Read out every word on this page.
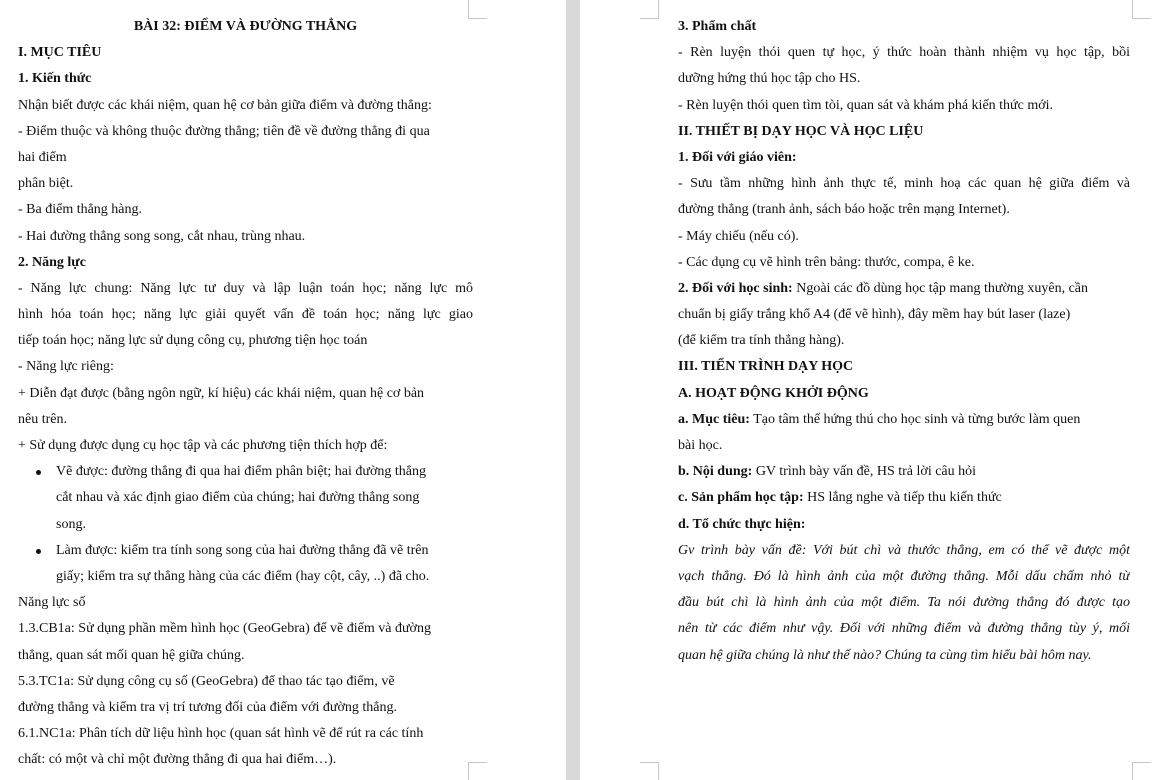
BÀI 32: ĐIỂM VÀ ĐƯỜNG THẲNG
I. MỤC TIÊU
1. Kiến thức
Nhận biết được các khái niệm, quan hệ cơ bản giữa điểm và đường thẳng:
- Điểm thuộc và không thuộc đường thẳng; tiên đề về đường thẳng đi qua
hai điểm
phân biệt.
- Ba điểm thẳng hàng.
- Hai đường thẳng song song, cắt nhau, trùng nhau.
2. Năng lực
- Năng lực chung: Năng lực tư duy và lập luận toán học; năng lực mô
hình hóa toán học; năng lực giải quyết vấn đề toán học; năng lực giao
tiếp toán học; năng lực sử dụng công cụ, phương tiện học toán
- Năng lực riêng:
+ Diễn đạt được (bằng ngôn ngữ, kí hiệu) các khái niệm, quan hệ cơ bản
nêu trên.
+ Sử dụng được dụng cụ học tập và các phương tiện thích hợp để:
Vẽ được: đường thẳng đi qua hai điểm phân biệt; hai đường thẳng
cắt nhau và xác định giao điểm của chúng; hai đường thẳng song
song.
Làm được: kiểm tra tính song song của hai đường thẳng đã vẽ trên
giấy; kiểm tra sự thẳng hàng của các điểm (hay cột, cây, ..) đã cho.
Năng lực số
1.3.CB1a: Sử dụng phần mềm hình học (GeoGebra) để vẽ điểm và đường
thẳng, quan sát mối quan hệ giữa chúng.
5.3.TC1a: Sử dụng công cụ số (GeoGebra) để thao tác tạo điểm, vẽ
đường thẳng và kiểm tra vị trí tương đối của điểm với đường thẳng.
6.1.NC1a: Phân tích dữ liệu hình học (quan sát hình vẽ để rút ra các tính
chất: có một và chỉ một đường thẳng đi qua hai điểm…).
3. Phẩm chất
- Rèn luyện thói quen tự học, ý thức hoàn thành nhiệm vụ học tập, bồi
dưỡng hứng thú học tập cho HS.
- Rèn luyện thói quen tìm tòi, quan sát và khám phá kiến thức mới.
II. THIẾT BỊ DẠY HỌC VÀ HỌC LIỆU
1. Đối với giáo viên:
- Sưu tầm những hình ảnh thực tế, minh hoạ các quan hệ giữa điểm và
đường thẳng (tranh ảnh, sách báo hoặc trên mạng Internet).
- Máy chiếu (nếu có).
- Các dụng cụ vẽ hình trên bảng: thước, compa, ê ke.
2. Đối với học sinh: Ngoài các đồ dùng học tập mang thường xuyên, cần
chuẩn bị giấy trắng khổ A4 (để vẽ hình), đây mềm hay bút laser (laze)
(để kiểm tra tính thẳng hàng).
III. TIẾN TRÌNH DẠY HỌC
A. HOẠT ĐỘNG KHỞI ĐỘNG
a. Mục tiêu: Tạo tâm thế hứng thú cho học sinh và từng bước làm quen
bài học.
b. Nội dung: GV trình bày vấn đề, HS trả lời câu hỏi
c. Sản phẩm học tập: HS lắng nghe và tiếp thu kiến thức
d. Tổ chức thực hiện:
Gv trình bày vấn đề: Với bút chì và thước thẳng, em có thể vẽ được một
vạch thẳng. Đó là hình ảnh của một đường thẳng. Mỗi dấu chấm nhỏ từ
đầu bút chì là hình ảnh của một điểm. Ta nói đường thẳng đó được tạo
nên từ các điểm như vậy. Đối với những điểm và đường thẳng tùy ý, mối
quan hệ giữa chúng là như thế nào? Chúng ta cùng tìm hiểu bài hôm nay.
